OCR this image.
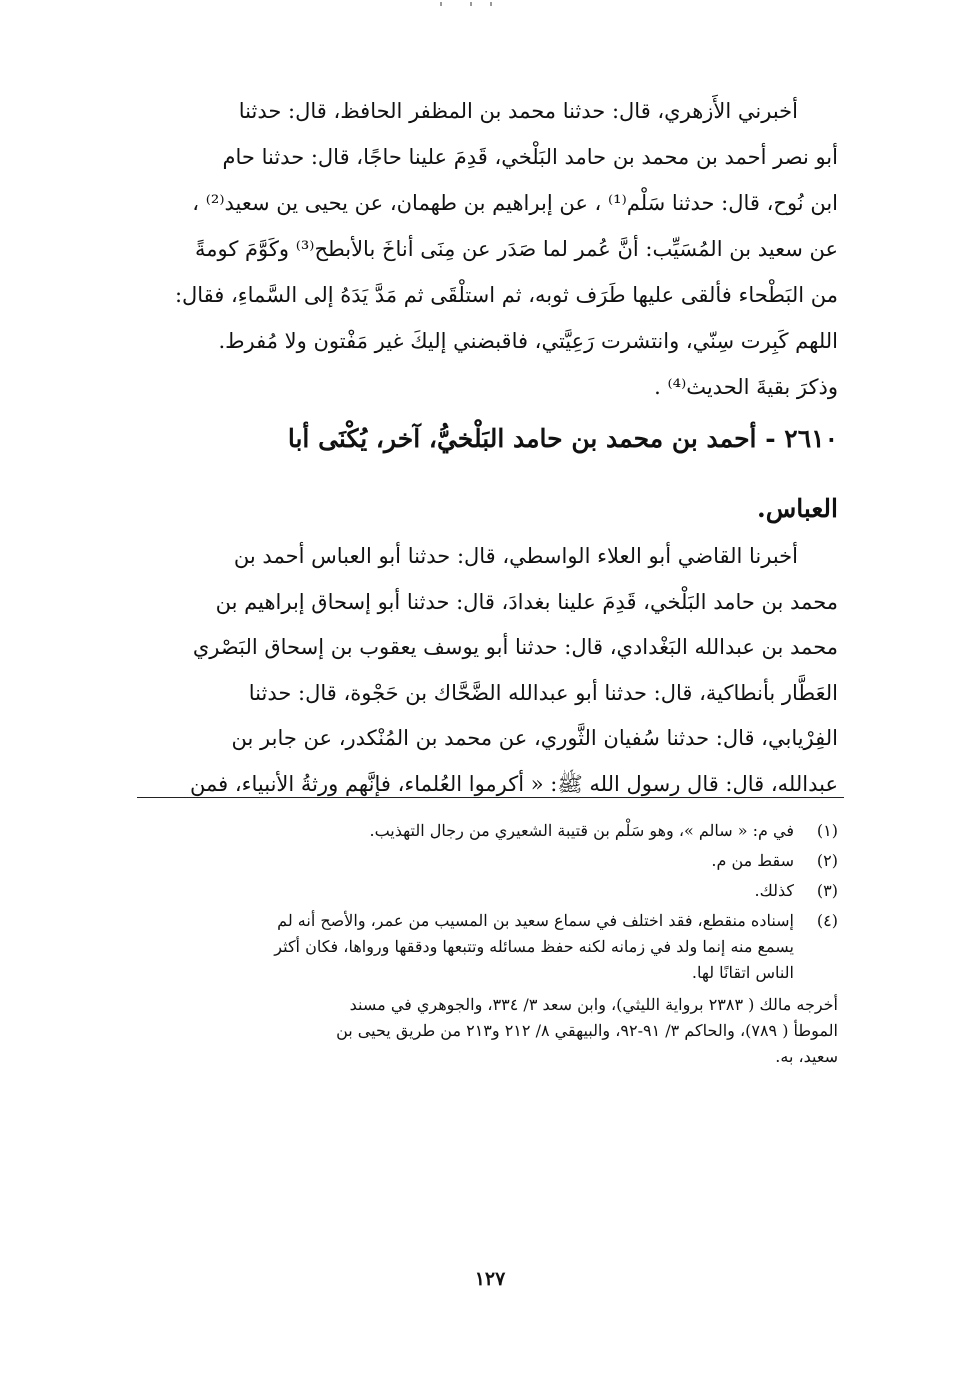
أخبرني الأَزهري، قال: حدثنا محمد بن المظفر الحافظ، قال: حدثنا
أبو نصر أحمد بن محمد بن حامد البَلْخي، قَدِمَ علينا حاجًا، قال: حدثنا حام
ابن نُوح، قال: حدثنا سَلْم⁽¹⁾ ، عن إبراهيم بن طهمان، عن يحيى ين سعيد⁽²⁾ ،
عن سعيد بن المُسَيِّب: أنَّ عُمر لما صَدَر عن مِنَى أناخَ بالأبطح⁽³⁾ وكَوَّمَ كومةً
من البَطْحاء فألقى عليها طَرَف ثوبه، ثم استلْقَى ثم مَدَّ يَدَهُ إلى السَّماءِ، فقال:
اللهم كَبِرت سِنّي، وانتشرت رَعِيَّتي، فاقبضني إليكَ غير مَفْتون ولا مُفرط.
وذكرَ بقيةَ الحديث⁽⁴⁾ .
٢٦١٠ - أحمد بن محمد بن حامد البَلْخيُّ، آخر، يُكْنَى أبا
العباس.
أخبرنا القاضي أبو العلاء الواسطي، قال: حدثنا أبو العباس أحمد بن
محمد بن حامد البَلْخي، قَدِمَ علينا بغدادَ، قال: حدثنا أبو إسحاق إبراهيم بن
محمد بن عبدالله البَغْدادي، قال: حدثنا أبو يوسف يعقوب بن إسحاق البَصْري
العَطَّار بأنطاكية، قال: حدثنا أبو عبدالله الضَّحَّاك بن حَجْوة، قال: حدثنا
الفِرْيابي، قال: حدثنا سُفيان الثَّوري، عن محمد بن المُنْكدر، عن جابر بن
عبدالله، قال: قال رسول الله ﷺ: « أكرموا العُلماء، فإنَّهم ورثةُ الأنبياء، فمن
(١)
في م: « سالم »، وهو سَلْم بن قتيبة الشعيري من رجال التهذيب.
(٢)
سقط من م.
(٣)
كذلك.
(٤)
إسناده منقطع، فقد اختلف في سماع سعيد بن المسيب من عمر، والأصح أنه لم
يسمع منه إنما ولد في زمانه لكنه حفظ مسائله وتتبعها ودققها ورواها، فكان أكثر
الناس اتقانًا لها.
أخرجه مالك ( ٢٣٨٣ برواية الليثي)، وابن سعد ٣/ ٣٣٤، والجوهري في مسند
الموطأ ( ٧٨٩)، والحاكم ٣/ ٩١-٩٢، والبيهقي ٨/ ٢١٢ و٢١٣ من طريق يحيى بن
سعيد، به.
١٢٧
